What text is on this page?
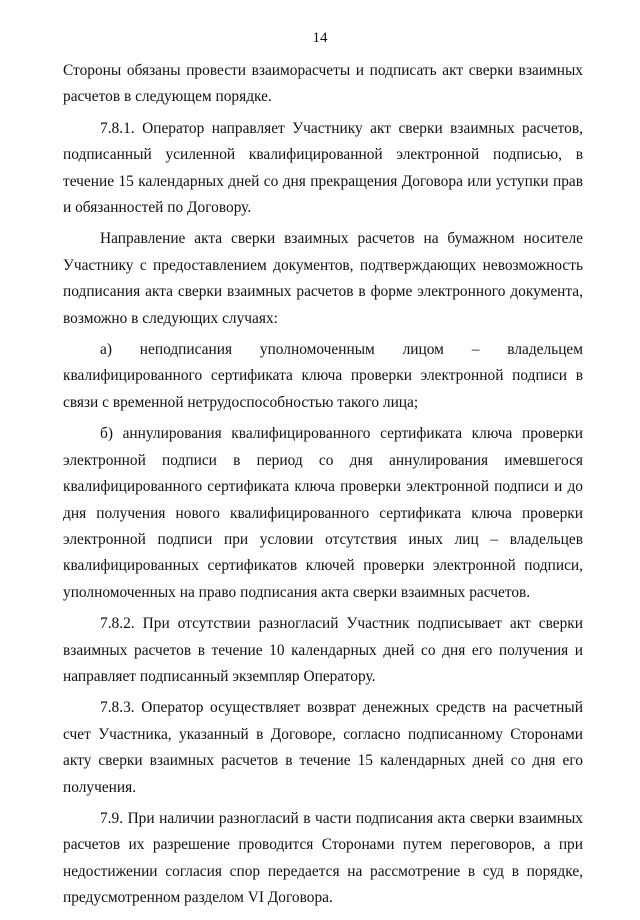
14

Стороны обязаны провести взаиморасчеты и подписать акт сверки взаимных расчетов в следующем порядке.

7.8.1. Оператор направляет Участнику акт сверки взаимных расчетов, подписанный усиленной квалифицированной электронной подписью, в течение 15 календарных дней со дня прекращения Договора или уступки прав и обязанностей по Договору.

Направление акта сверки взаимных расчетов на бумажном носителе Участнику с предоставлением документов, подтверждающих невозможность подписания акта сверки взаимных расчетов в форме электронного документа, возможно в следующих случаях:

а) неподписания уполномоченным лицом – владельцем квалифицированного сертификата ключа проверки электронной подписи в связи с временной нетрудоспособностью такого лица;

б) аннулирования квалифицированного сертификата ключа проверки электронной подписи в период со дня аннулирования имевшегося квалифицированного сертификата ключа проверки электронной подписи и до дня получения нового квалифицированного сертификата ключа проверки электронной подписи при условии отсутствия иных лиц – владельцев квалифицированных сертификатов ключей проверки электронной подписи, уполномоченных на право подписания акта сверки взаимных расчетов.

7.8.2. При отсутствии разногласий Участник подписывает акт сверки взаимных расчетов в течение 10 календарных дней со дня его получения и направляет подписанный экземпляр Оператору.

7.8.3. Оператор осуществляет возврат денежных средств на расчетный счет Участника, указанный в Договоре, согласно подписанному Сторонами акту сверки взаимных расчетов в течение 15 календарных дней со дня его получения.

7.9. При наличии разногласий в части подписания акта сверки взаимных расчетов их разрешение проводится Сторонами путем переговоров, а при недостижении согласия спор передается на рассмотрение в суд в порядке, предусмотренном разделом VI Договора.
